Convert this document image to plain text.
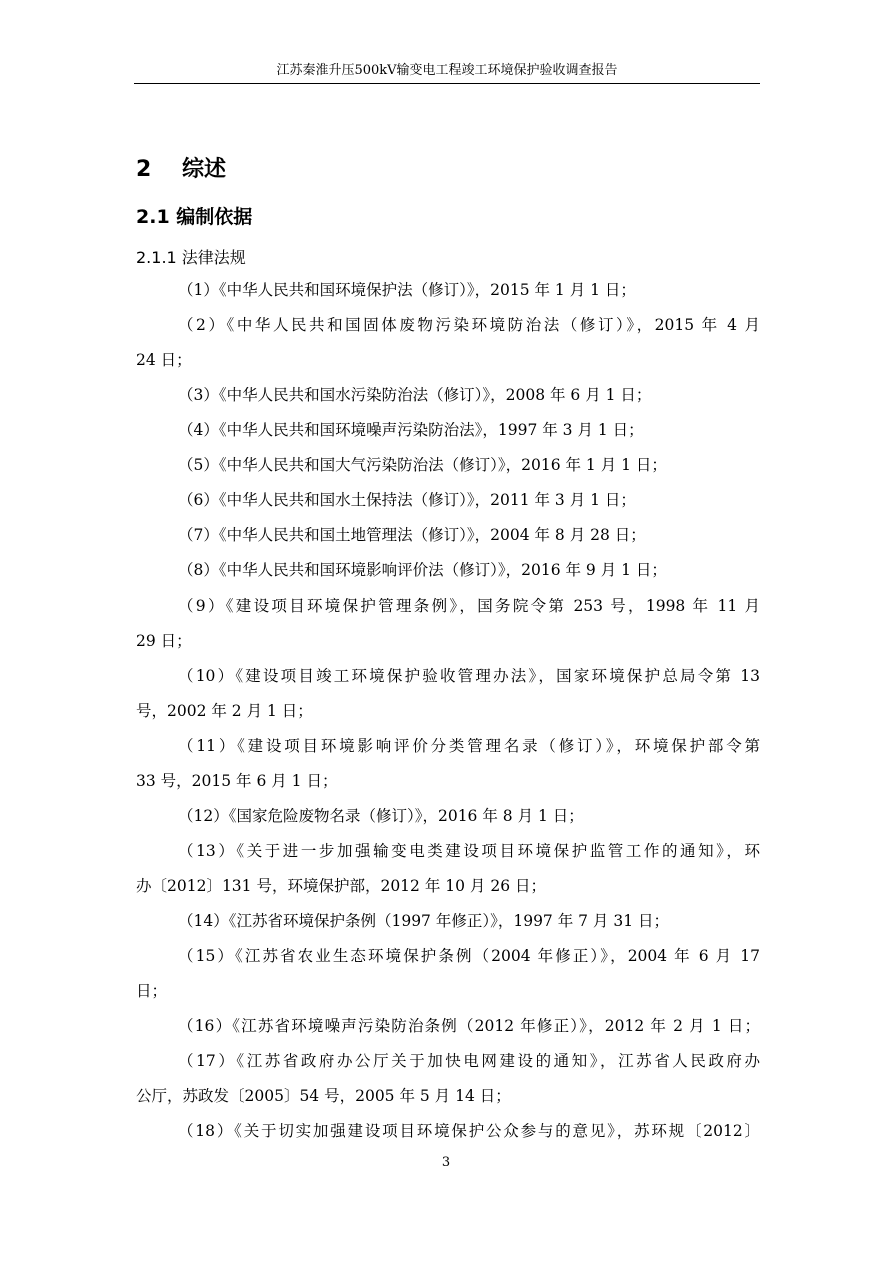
江苏秦淮升压500kV输变电工程竣工环境保护验收调查报告
2 综述
2.1 编制依据
2.1.1 法律法规
（1）《中华人民共和国环境保护法（修订）》，2015 年 1 月 1 日；
（2）《中华人民共和国固体废物污染环境防治法（修订）》，2015 年 4 月
24 日；
（3）《中华人民共和国水污染防治法（修订）》，2008 年 6 月 1 日；
（4）《中华人民共和国环境噪声污染防治法》，1997 年 3 月 1 日；
（5）《中华人民共和国大气污染防治法（修订）》，2016 年 1 月 1 日；
（6）《中华人民共和国水土保持法（修订）》，2011 年 3 月 1 日；
（7）《中华人民共和国土地管理法（修订）》，2004 年 8 月 28 日；
（8）《中华人民共和国环境影响评价法（修订）》，2016 年 9 月 1 日；
（9）《建设项目环境保护管理条例》，国务院令第 253 号，1998 年 11 月
29 日；
（10）《建设项目竣工环境保护验收管理办法》，国家环境保护总局令第 13
号，2002 年 2 月 1 日；
（11）《建设项目环境影响评价分类管理名录（修订）》，环境保护部令第
33 号，2015 年 6 月 1 日；
（12）《国家危险废物名录（修订）》，2016 年 8 月 1 日；
（13）《关于进一步加强输变电类建设项目环境保护监管工作的通知》，环
办〔2012〕131 号，环境保护部，2012 年 10 月 26 日；
（14）《江苏省环境保护条例（1997 年修正）》，1997 年 7 月 31 日；
（15）《江苏省农业生态环境保护条例（2004 年修正）》，2004 年 6 月 17
日；
（16）《江苏省环境噪声污染防治条例（2012 年修正）》，2012 年 2 月 1 日；
（17）《江苏省政府办公厅关于加快电网建设的通知》，江苏省人民政府办
公厅，苏政发〔2005〕54 号，2005 年 5 月 14 日；
（18）《关于切实加强建设项目环境保护公众参与的意见》，苏环规〔2012〕
3
